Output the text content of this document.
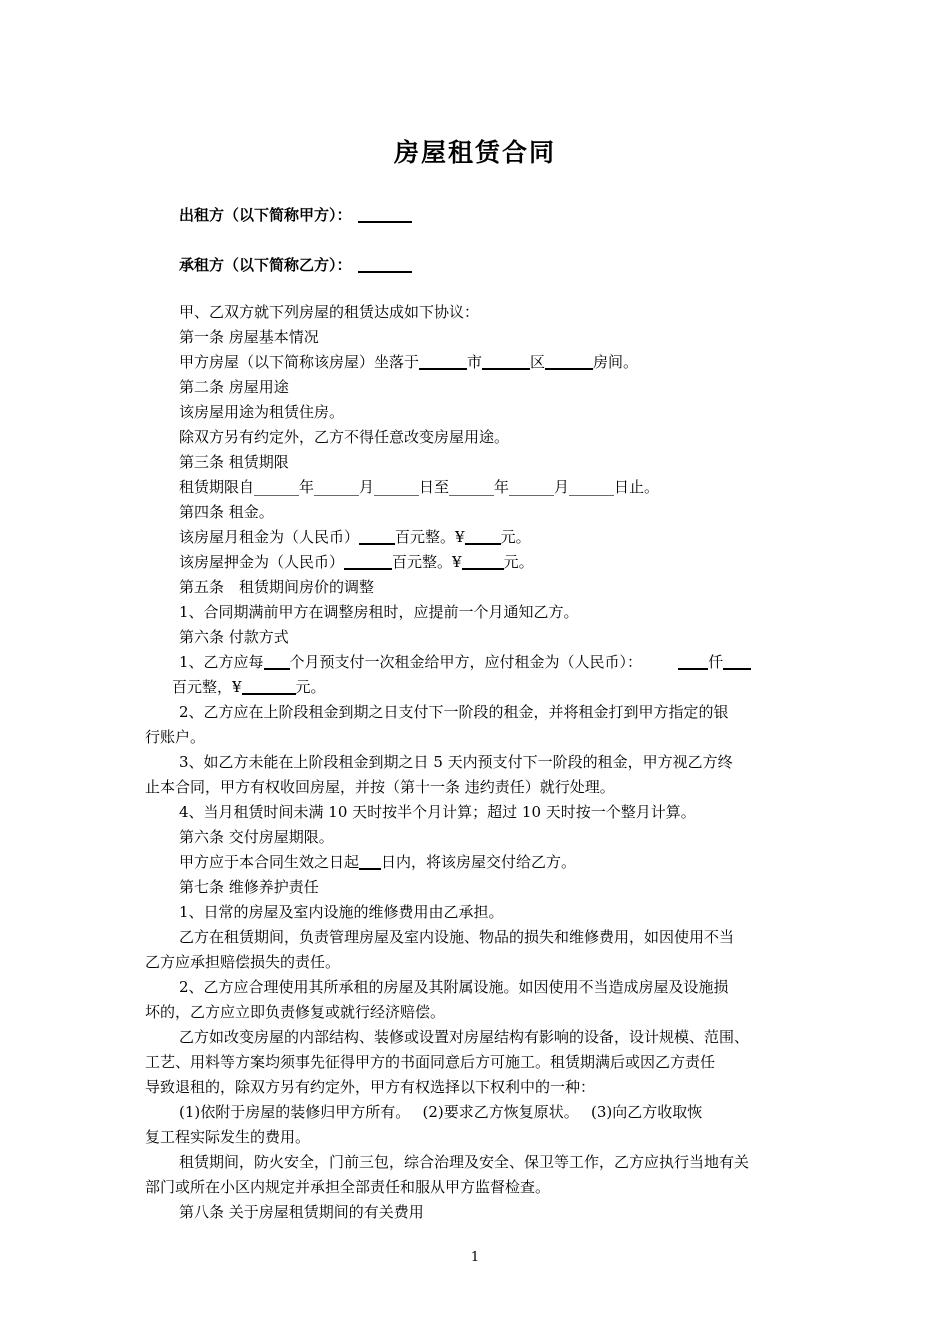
房屋租赁合同
出租方（以下简称甲方）：
承租方（以下简称乙方）：
甲、乙双方就下列房屋的租赁达成如下协议：
第一条 房屋基本情况
甲方房屋（以下简称该房屋）坐落于	市	区	房间。
第二条 房屋用途
该房屋用途为租赁住房。
除双方另有约定外，乙方不得任意改变房屋用途。
第三条 租赁期限
租赁期限自______年______月______日至______年______月______日止。
第四条 租金。
该房屋月租金为（人民币） 百元整。¥ 元。
该房屋押金为（人民币）	百元整。¥	元。
第五条　租赁期间房价的调整
1、合同期满前甲方在调整房租时，应提前一个月通知乙方。
第六条 付款方式
1、乙方应每 个月预支付一次租金给甲方，应付租金为（人民币）：	仟
百元整，¥	元。
2、乙方应在上阶段租金到期之日支付下一阶段的租金，并将租金打到甲方指定的银
行账户。
3、如乙方未能在上阶段租金到期之日 5 天内预支付下一阶段的租金，甲方视乙方终
止本合同，甲方有权收回房屋，并按（第十一条 违约责任）就行处理。
4、当月租赁时间未满 10 天时按半个月计算；超过 10 天时按一个整月计算。
第六条 交付房屋期限。
甲方应于本合同生效之日起 日内，将该房屋交付给乙方。
第七条 维修养护责任
1、日常的房屋及室内设施的维修费用由乙承担。
乙方在租赁期间，负责管理房屋及室内设施、物品的损失和维修费用，如因使用不当
乙方应承担赔偿损失的责任。
2、乙方应合理使用其所承租的房屋及其附属设施。如因使用不当造成房屋及设施损
坏的，乙方应立即负责修复或就行经济赔偿。
乙方如改变房屋的内部结构、装修或设置对房屋结构有影响的设备，设计规模、范围、
工艺、用料等方案均须事先征得甲方的书面同意后方可施工。租赁期满后或因乙方责任
导致退租的，除双方另有约定外，甲方有权选择以下权利中的一种：
(1)依附于房屋的装修归甲方所有。　 (2)要求乙方恢复原状。　 (3)向乙方收取恢
复工程实际发生的费用。
租赁期间，防火安全，门前三包，综合治理及安全、保卫等工作，乙方应执行当地有关
部门或所在小区内规定并承担全部责任和服从甲方监督检查。
第八条 关于房屋租赁期间的有关费用
1
